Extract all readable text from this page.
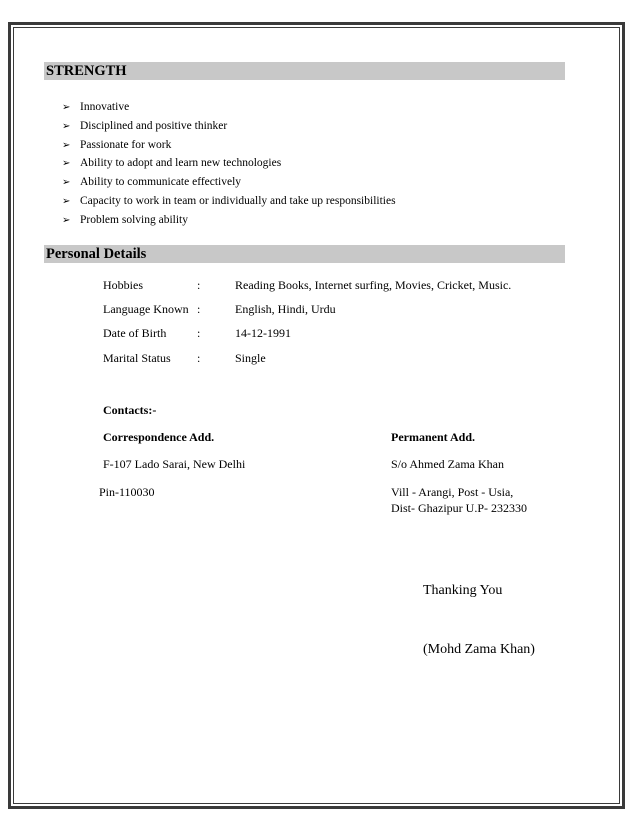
STRENGTH
➢ Innovative
➢ Disciplined and positive thinker
➢ Passionate for work
➢ Ability to adopt and learn new technologies
➢ Ability to communicate effectively
➢ Capacity to work in team or individually and take up responsibilities
➢ Problem solving ability
Personal Details
Hobbies	:	Reading Books, Internet surfing, Movies, Cricket, Music.
Language Known :	English, Hindi, Urdu
Date of Birth	:	14-12-1991
Marital Status :	Single
Contacts:-
Correspondence Add.
F-107 Lado Sarai, New Delhi
Pin-110030
Permanent Add.
S/o Ahmed Zama Khan
Vill - Arangi, Post - Usia,
Dist- Ghazipur U.P- 232330
Thanking You
(Mohd Zama Khan)
